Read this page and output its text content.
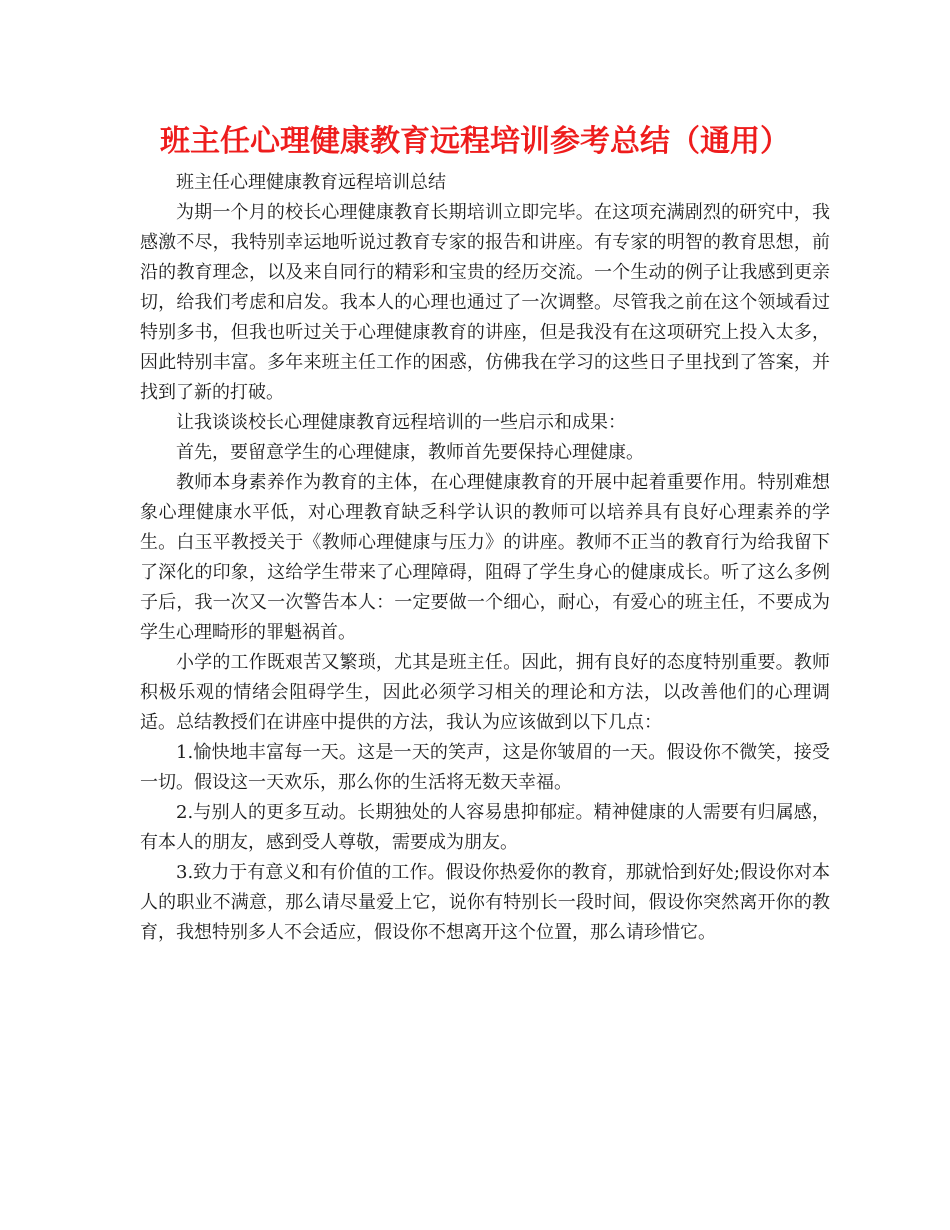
班主任心理健康教育远程培训参考总结（通用）

班主任心理健康教育远程培训总结

为期一个月的校长心理健康教育长期培训立即完毕。在这项充满剧烈的研究中，我感激不尽，我特别幸运地听说过教育专家的报告和讲座。有专家的明智的教育思想，前沿的教育理念，以及来自同行的精彩和宝贵的经历交流。一个生动的例子让我感到更亲切，给我们考虑和启发。我本人的心理也通过了一次调整。尽管我之前在这个领域看过特别多书，但我也听过关于心理健康教育的讲座，但是我没有在这项研究上投入太多，因此特别丰富。多年来班主任工作的困惑，仿佛我在学习的这些日子里找到了答案，并找到了新的打破。

让我谈谈校长心理健康教育远程培训的一些启示和成果：

首先，要留意学生的心理健康，教师首先要保持心理健康。

教师本身素养作为教育的主体，在心理健康教育的开展中起着重要作用。特别难想象心理健康水平低，对心理教育缺乏科学认识的教师可以培养具有良好心理素养的学生。白玉平教授关于《教师心理健康与压力》的讲座。教师不正当的教育行为给我留下了深化的印象，这给学生带来了心理障碍，阻碍了学生身心的健康成长。听了这么多例子后，我一次又一次警告本人：一定要做一个细心，耐心，有爱心的班主任，不要成为学生心理畸形的罪魁祸首。

小学的工作既艰苦又繁琐，尤其是班主任。因此，拥有良好的态度特别重要。教师积极乐观的情绪会阻碍学生，因此必须学习相关的理论和方法，以改善他们的心理调适。总结教授们在讲座中提供的方法，我认为应该做到以下几点：

1.愉快地丰富每一天。这是一天的笑声，这是你皱眉的一天。假设你不微笑，接受一切。假设这一天欢乐，那么你的生活将无数天幸福。

2.与别人的更多互动。长期独处的人容易患抑郁症。精神健康的人需要有归属感，有本人的朋友，感到受人尊敬，需要成为朋友。

3.致力于有意义和有价值的工作。假设你热爱你的教育，那就恰到好处;假设你对本人的职业不满意，那么请尽量爱上它，说你有特别长一段时间，假设你突然离开你的教育，我想特别多人不会适应，假设你不想离开这个位置，那么请珍惜它。
